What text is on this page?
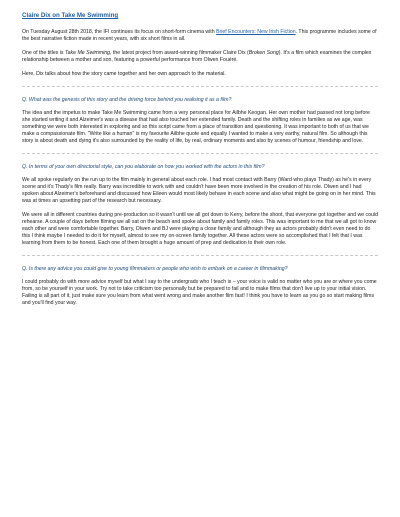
Claire Dix on Take Me Swimming

On Tuesday August 28th 2018, the IFI continues its focus on short-form cinema with Brief Encounters: New Irish Fiction. This programme includes some of the best narrative fiction made in recent years, with six short films in all.

One of the titles is Take Me Swimming, the latest project from award-winning filmmaker Claire Dix (Broken Song). It's a film which examines the complex relationship between a mother and son, featuring a powerful performance from Olwen Fouéré.

Here, Dix talks about how the story came together and her own approach to the material.

Q. What was the genesis of this story and the driving force behind you realising it as a film?

The idea and the impetus to make Take Me Swimming came from a very personal place for Ailbhe Keogan. Her own mother had passed not long before she started writing it and Alzeimer's was a disease that had also touched her extended family. Death and the shifting roles in families as we age, was something we were both interested in exploring and so this script came from a place of transition and questioning. It was important to both of us that we make a compassionate film. "Write like a human" is my favourite Ailbhe quote and equally I wanted to make a very earthy, natural film. So although this story is about death and dying it's also surrounded by the reality of life, by real, ordinary moments and also by scenes of humour, friendship and love.

Q. In terms of your own directorial style, can you elaborate on how you worked with the actors in this film?

We all spoke regularly on the run up to the film mainly in general about each role. I had most contact with Barry (Ward who plays Thady) as he's in every scene and it's Thady's film really. Barry was incredible to work with and couldn't have been more involved in the creation of his role. Olwen and I had spoken about Alzeimer's beforehand and discussed how Eileen would most likely behave in each scene and also what might be going on in her mind. This was at times an upsetting part of the research but necessary.

We were all in different countries during pre-production so it wasn't until we all got down to Kerry, before the shoot, that everyone got together and we could rehearse. A couple of days before filming we all sat on the beach and spoke about family and family roles. This was important to me that we all got to know each other and were comfortable together. Barry, Olwen and BJ were playing a close family and although they as actors probably didn't even need to do this I think maybe I needed to do it for myself, almost to see my on-screen family together. All these actors were so accomplished that I felt that I was learning from them to be honest. Each one of them brought a huge amount of prep and dedication to their own role.

Q. Is there any advice you could give to young filmmakers or people who wish to embark on a career in filmmaking?

I could probably do with more advice myself but what I say to the undergrads who I teach is – your voice is valid no matter who you are or where you come from, so be yourself in your work. Try not to take criticism too personally but be prepared to fail and to make films that don't live up to your initial vision. Failing is all part of it, just make sure you learn from what went wrong and make another film fast! I think you have to learn as you go so start making films and you'll find your way.
